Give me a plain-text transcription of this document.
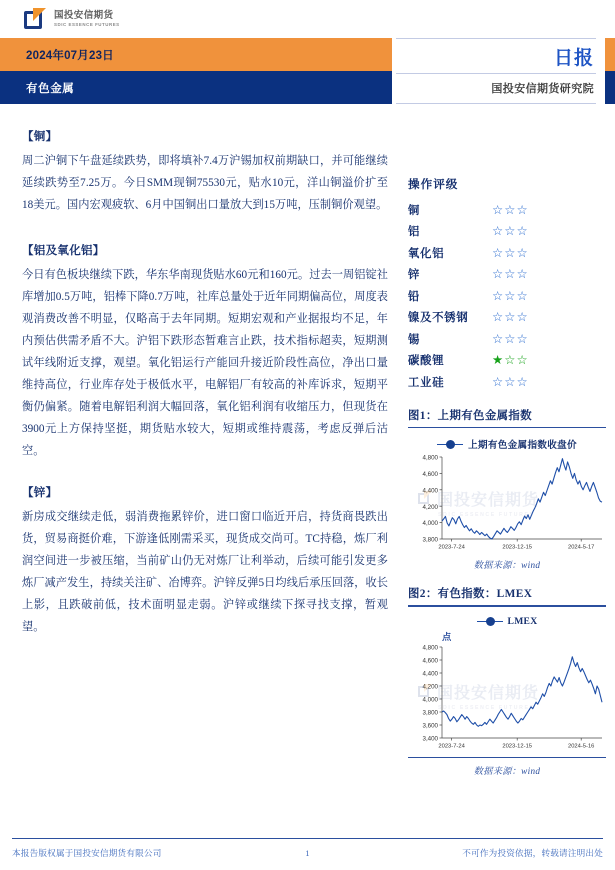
国投安信期货
SDIC ESSENCE FUTURES
2024年07月23日
有色金属
日报
国投安信期货研究院
【铜】

周二沪铜下午盘延续跌势，即将填补7.4万沪锡加权前期缺口，并可能继续延续跌势至7.25万。今日SMM现铜75530元，贴水10元，洋山铜溢价扩至18美元。国内宏观疲软、6月中国铜出口量放大到15万吨，压制铜价观望。

【铝及氧化铝】

今日有色板块继续下跌，华东华南现货贴水60元和160元。过去一周铝锭社库增加0.5万吨，铝棒下降0.7万吨，社库总量处于近年同期偏高位，周度表观消费改善不明显，仅略高于去年同期。短期宏观和产业据报均不足，年内预估供需矛盾不大。沪铝下跌形态暂难言止跌，技术指标超卖，短期测试年线附近支撑，观望。氧化铝运行产能回升接近阶段性高位，净出口量维持高位，行业库存处于极低水平，电解铝厂有较高的补库诉求，短期平衡仍偏紧。随着电解铝利润大幅回落，氧化铝利润有收缩压力，但现货在3900元上方保持坚挺，期货贴水较大，短期或维持震荡，考虑反弹后沽空。

【锌】

新房成交继续走低，弱消费拖累锌价，进口窗口临近开启，持货商畏跌出货，贸易商挺价难，下游逢低刚需采买，现货成交尚可。TC持稳，炼厂利润空间进一步被压缩，当前矿山仍无对炼厂让利举动，后续可能引发更多炼厂减产发生，持续关注矿、冶博弈。沪锌反弹5日均线后承压回落，收长上影，且跌破前低，技术面明显走弱。沪锌或继续下探寻找支撑，暂观望。

操作评级
铜	☆ ☆ ☆
铝	☆ ☆ ☆
氧化铝	☆ ☆ ☆
锌	☆ ☆ ☆
铅	☆ ☆ ☆
镍及不锈钢	☆ ☆ ☆
锡	☆ ☆ ☆
碳酸锂	★ ☆ ☆
工业硅	☆ ☆ ☆
图1：上期有色金属指数
上期有色金属指数收盘价
国投安信期货
SDIC ESSENCE FUTURES
3,800
4,000
4,200
4,400
4,600
4,800
2023-7-24	2023-12-15	2024-5-17
数据来源：wind
图2：有色指数：LMEX
LMEX
点
国投安信期货
SDIC ESSENCE FUTURES
3,400
3,600
3,800
4,000
4,200
4,400
4,600
4,800
2023-7-24	2023-12-15	2024-5-16
数据来源：wind
本报告版权属于国投安信期货有限公司	1	不可作为投资依据，转载请注明出处
